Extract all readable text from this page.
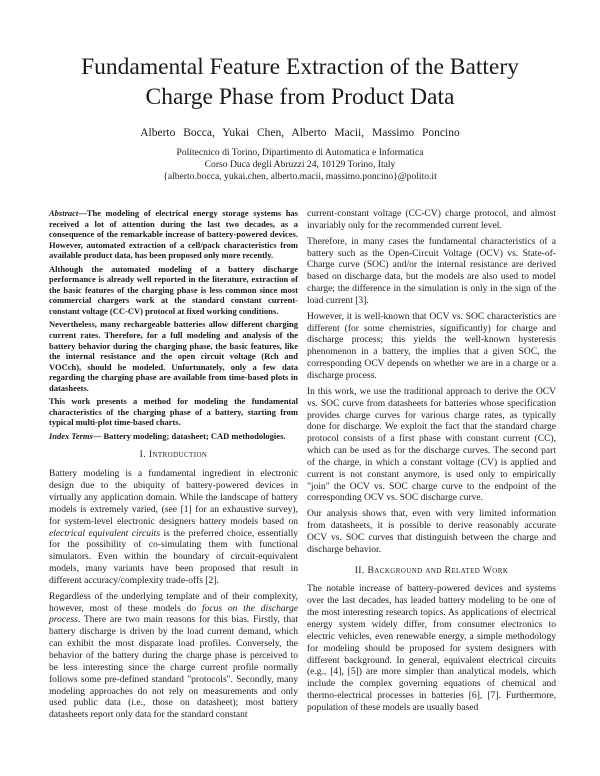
Fundamental Feature Extraction of the Battery
Charge Phase from Product Data
Alberto Bocca, Yukai Chen, Alberto Macii, Massimo Poncino
Politecnico di Torino, Dipartimento di Automatica e Informatica
Corso Duca degli Abruzzi 24, 10129 Torino, Italy
{alberto.bocca, yukai.chen, alberto.macii, massimo.poncino}@polito.it

Abstract—The modeling of electrical energy storage systems has received a lot of attention during the last two decades, as a consequence of the remarkable increase of battery-powered devices. However, automated extraction of a cell/pack characteristics from available product data, has been proposed only more recently.

Although the automated modeling of a battery discharge performance is already well reported in the literature, extraction of the basic features of the charging phase is less common since most commercial chargers work at the standard constant current-constant voltage (CC-CV) protocol at fixed working conditions.

Nevertheless, many rechargeable batteries allow different charging current rates. Therefore, for a full modeling and analysis of the battery behavior during the charging phase, the basic features, like the internal resistance and the open circuit voltage (Rch and VOCch), should be modeled. Unfortunately, only a few data regarding the charging phase are available from time-based plots in datasheets.

This work presents a method for modeling the fundamental characteristics of the charging phase of a battery, starting from typical multi-plot time-based charts.

Index Terms— Battery modeling; datasheet; CAD methodologies.

I. Introduction

Battery modeling is a fundamental ingredient in electronic design due to the ubiquity of battery-powered devices in virtually any application domain. While the landscape of battery models is extremely varied, (see [1] for an exhaustive survey), for system-level electronic designers battery models based on electrical equivalent circuits is the preferred choice, essentially for the possibility of co-simulating them with functional simulators. Even within the boundary of circuit-equivalent models, many variants have been proposed that result in different accuracy/complexity trade-offs [2].

Regardless of the underlying template and of their complexity, however, most of these models do focus on the discharge process. There are two main reasons for this bias. Firstly, that battery discharge is driven by the load current demand, which can exhibit the most disparate load profiles. Conversely, the behavior of the battery during the charge phase is perceived to be less interesting since the charge current profile normally follows some pre-defined standard "protocols". Secondly, many modeling approaches do not rely on measurements and only used public data (i.e., those on datasheet); most battery datasheets report only data for the standard constant

current-constant voltage (CC-CV) charge protocol, and almost invariably only for the recommended current level.

Therefore, in many cases the fundamental characteristics of a battery such as the Open-Circuit Voltage (OCV) vs. State-of-Charge curve (SOC) and/or the internal resistance are derived based on discharge data, but the models are also used to model charge; the difference in the simulation is only in the sign of the load current [3].

However, it is well-known that OCV vs. SOC characteristics are different (for some chemistries, significantly) for charge and discharge process; this yields the well-known hysteresis phenomenon in a battery, the implies that a given SOC, the corresponding OCV depends on whether we are in a charge or a discharge process.

In this work, we use the traditional approach to derive the OCV vs. SOC curve from datasheets for batteries whose specification provides charge curves for various charge rates, as typically done for discharge. We exploit the fact that the standard charge protocol consists of a first phase with constant current (CC), which can be used as for the discharge curves. The second part of the charge, in which a constant voltage (CV) is applied and current is not constant anymore, is used only to empirically "join" the OCV vs. SOC charge curve to the endpoint of the corresponding OCV vs. SOC discharge curve.

Our analysis shows that, even with very limited information from datasheets, it is possible to derive reasonably accurate OCV vs. SOC curves that distinguish between the charge and discharge behavior.

II. Background and Related Work

The notable increase of battery-powered devices and systems over the last decades, has leaded battery modeling to be one of the most interesting research topics. As applications of electrical energy system widely differ, from consumer electronics to electric vehicles, even renewable energy, a simple methodology for modeling should be proposed for system designers with different background. In general, equivalent electrical circuits (e.g., [4], [5]) are more simpler than analytical models, which include the complex governing equations of chemical and thermo-electrical processes in batteries [6], [7]. Furthermore, population of these models are usually based
